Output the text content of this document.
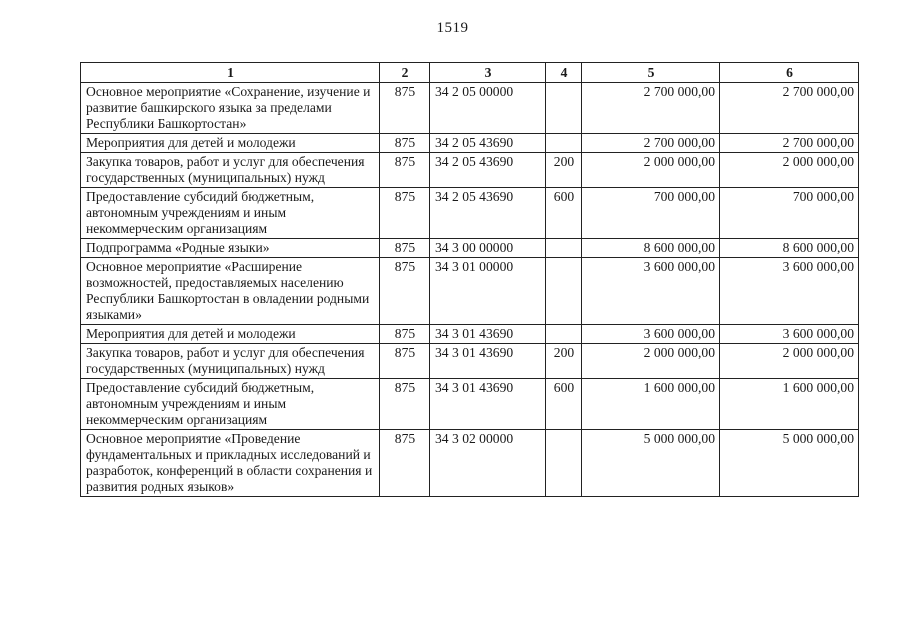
1519
1	2	3	4	5	6
Основное мероприятие «Сохранение, изучение и развитие башкирского языка за пределами Республики Башкортостан»	875	34 2 05 00000		2 700 000,00	2 700 000,00
Мероприятия для детей и молодежи	875	34 2 05 43690		2 700 000,00	2 700 000,00
Закупка товаров, работ и услуг для обеспечения государственных (муниципальных) нужд	875	34 2 05 43690	200	2 000 000,00	2 000 000,00
Предоставление субсидий бюджетным, автономным учреждениям и иным некоммерческим организациям	875	34 2 05 43690	600	700 000,00	700 000,00
Подпрограмма «Родные языки»	875	34 3 00 00000		8 600 000,00	8 600 000,00
Основное мероприятие «Расширение возможностей, предоставляемых населению Республики Башкортостан в овладении родными языками»	875	34 3 01 00000		3 600 000,00	3 600 000,00
Мероприятия для детей и молодежи	875	34 3 01 43690		3 600 000,00	3 600 000,00
Закупка товаров, работ и услуг для обеспечения государственных (муниципальных) нужд	875	34 3 01 43690	200	2 000 000,00	2 000 000,00
Предоставление субсидий бюджетным, автономным учреждениям и иным некоммерческим организациям	875	34 3 01 43690	600	1 600 000,00	1 600 000,00
Основное мероприятие «Проведение фундаментальных и прикладных исследований и разработок, конференций в области сохранения и развития родных языков»	875	34 3 02 00000		5 000 000,00	5 000 000,00
